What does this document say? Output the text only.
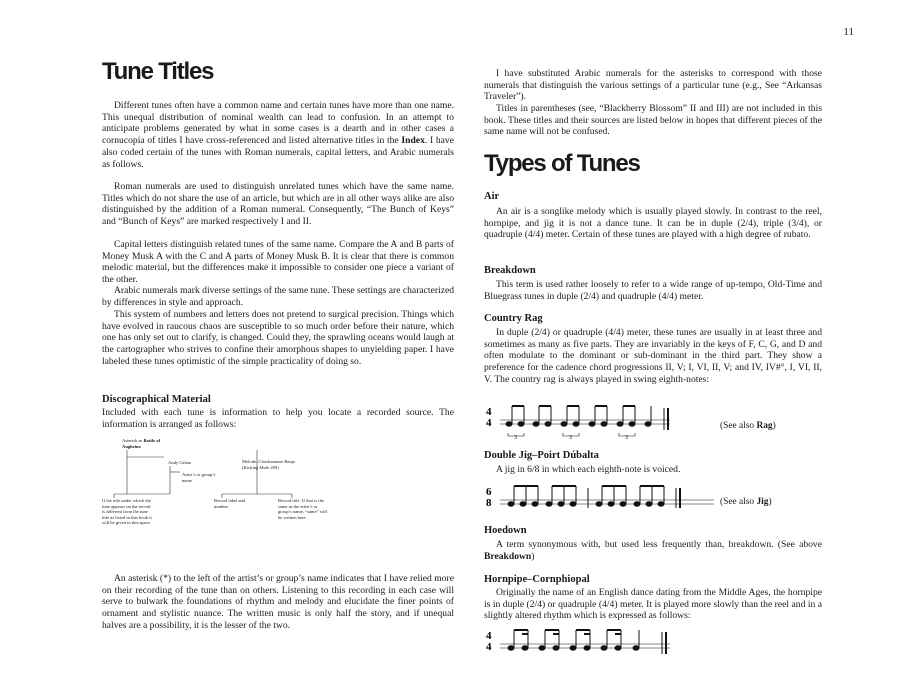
11
Tune Titles

Different tunes often have a common name and certain tunes have more than one name. This unequal distribution of nominal wealth can lead to confusion. In an attempt to anticipate problems generated by what in some cases is a dearth and in other cases a cornucopia of titles I have cross-referenced and listed alternative titles in the Index. I have also coded certain of the tunes with Roman numerals, capital letters, and Arabic numerals as follows.

Roman numerals are used to distinguish unrelated tunes which have the same name. Titles which do not share the use of an article, but which are in all other ways alike are also distinguished by the addition of a Roman numeral. Consequently, “The Bunch of Keys” and “Bunch of Keys” are marked respectively I and II.

Capital letters distinguish related tunes of the same name. Compare the A and B parts of Money Musk A with the C and A parts of Money Musk B. It is clear that there is common melodic material, but the differences make it impossible to consider one piece a variant of the other.

Arabic numerals mark diverse settings of the same tune. These settings are characterized by differences in style and approach.

This system of numbers and letters does not pretend to surgical precision. Things which have evolved in raucous chaos are susceptible to so much order before their nature, which one has only set out to clarify, is changed. Could they, the sprawling oceans would laugh at the cartographer who strives to confine their amorphous shapes to unyielding paper. I have labeled these tunes optimistic of the simple practicality of doing so.

Discographical Material

Included with each tune is information to help you locate a recorded source. The information is arranged as follows:

Asterisk as Battle of Aughrim:
Andy Cahan
Artist’s or group’s name
Melodic Clawhammer Banjo (Kicking Mule 209)
Record label and number
If the title under which the tune appears on the record is different from the tune title as listed in this book it will be given in this space.
Record title. If that is the same as the artist’s or group’s name, “same” will be written here.

An asterisk (*) to the left of the artist’s or group’s name indicates that I have relied more on their recording of the tune than on others. Listening to this recording in each case will serve to bulwark the foundations of rhythm and melody and elucidate the finer points of ornament and stylistic nuance. The written music is only half the story, and if unequal halves are a possibility, it is the lesser of the two.

I have substituted Arabic numerals for the asterisks to correspond with those numerals that distinguish the various settings of a particular tune (e.g., See “Arkansas Traveler”).

Titles in parentheses (see, “Blackberry Blossom” II and III) are not included in this book. These titles and their sources are listed below in hopes that different pieces of the same name will not be confused.

Types of Tunes
Air

An air is a songlike melody which is usually played slowly. In contrast to the reel, hornpipe, and jig it is not a dance tune. It can be in duple (2/4), triple (3/4), or quadruple (4/4) meter. Certain of these tunes are played with a high degree of rubato.

Breakdown

This term is used rather loosely to refer to a wide range of up-tempo, Old-Time and Bluegrass tunes in duple (2/4) and quadruple (4/4) meter.

Country Rag

In duple (2/4) or quadruple (4/4) meter, these tunes are usually in at least three and sometimes as many as five parts. They are invariably in the keys of F, C, G, and D and often modulate to the dominant or sub-dominant in the third part. They show a preference for the cadence chord progressions II, V; I, VI, II, V; and IV, IV#°, I, VI, II, V. The country rag is always played in swing eighth-notes:

4
4
3	3	3
(See also Rag)
Double Jig–Poirt Dúbalta

A jig in 6/8 in which each eighth-note is voiced.

6
8	(See also Jig)
Hoedown

A term synonymous with, but used less frequently than, breakdown. (See above Breakdown)

Hornpipe–Cornphiopal

Originally the name of an English dance dating from the Middle Ages, the hornpipe is in duple (2/4) or quadruple (4/4) meter. It is played more slowly than the reel and in a slightly altered rhythm which is expressed as follows:

4
4
